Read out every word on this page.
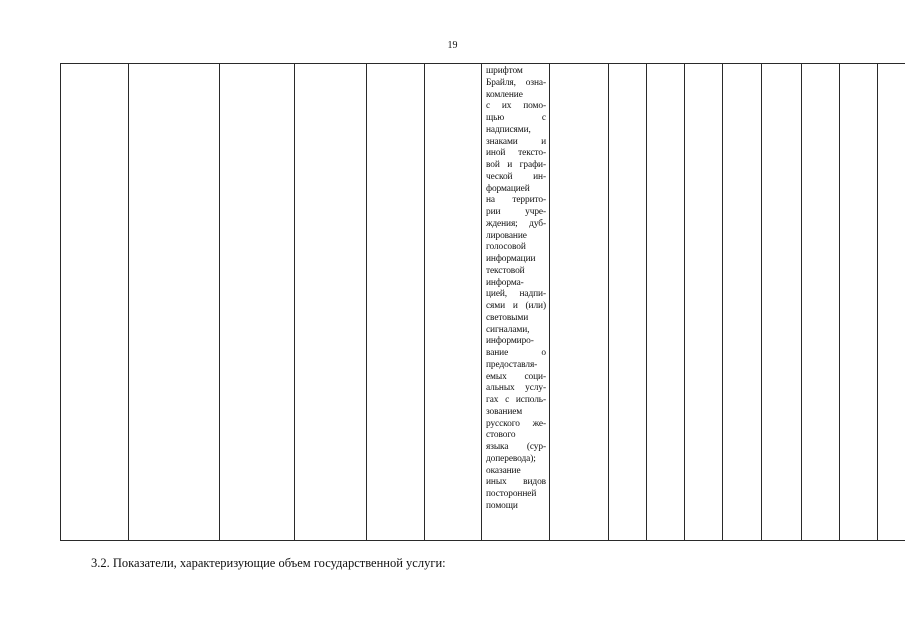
19

шрифтом
Брайля, озна-
комление
с их помо-
щью с
надписями,
знаками и
иной тексто-
вой и графи-
ческой ин-
формацией
на террито-
рии учре-
ждения; дуб-
лирование
голосовой
информации
текстовой
информа-
цией, надпи-
сями и (или)
световыми
сигналами,
информиро-
вание о
предоставля-
емых соци-
альных услу-
гах с исполь-
зованием
русского же-
стового
языка (сур-
доперевода);
оказание
иных видов
посторонней
помощи

3.2. Показатели, характеризующие объем государственной услуги:
